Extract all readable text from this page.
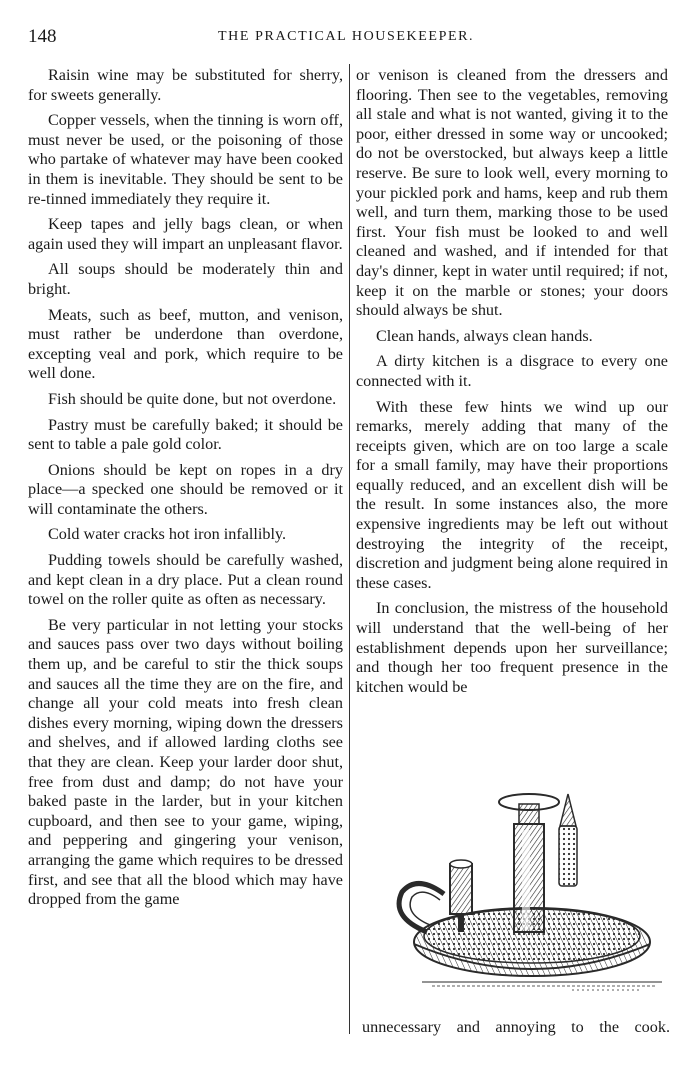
148	THE PRACTICAL HOUSEKEEPER.

Raisin wine may be substituted for sherry, for sweets generally.

Copper vessels, when the tinning is worn off, must never be used, or the poisoning of those who partake of whatever may have been cooked in them is inevitable. They should be sent to be re-tinned immediately they require it.

Keep tapes and jelly bags clean, or when again used they will impart an unpleasant flavor.

All soups should be moderately thin and bright.

Meats, such as beef, mutton, and venison, must rather be underdone than overdone, excepting veal and pork, which require to be well done.

Fish should be quite done, but not overdone.

Pastry must be carefully baked; it should be sent to table a pale gold color.

Onions should be kept on ropes in a dry place—a specked one should be removed or it will contaminate the others.

Cold water cracks hot iron infallibly.

Pudding towels should be carefully washed, and kept clean in a dry place. Put a clean round towel on the roller quite as often as necessary.

Be very particular in not letting your stocks and sauces pass over two days without boiling them up, and be careful to stir the thick soups and sauces all the time they are on the fire, and change all your cold meats into fresh clean dishes every morning, wiping down the dressers and shelves, and if allowed larding cloths see that they are clean. Keep your larder door shut, free from dust and damp; do not have your baked paste in the larder, but in your kitchen cupboard, and then see to your game, wiping, and peppering and gingering your venison, arranging the game which requires to be dressed first, and see that all the blood which may have dropped from the game

or venison is cleaned from the dressers and flooring. Then see to the vegetables, removing all stale and what is not wanted, giving it to the poor, either dressed in some way or uncooked; do not be overstocked, but always keep a little reserve. Be sure to look well, every morning to your pickled pork and hams, keep and rub them well, and turn them, marking those to be used first. Your fish must be looked to and well cleaned and washed, and if intended for that day's dinner, kept in water until required; if not, keep it on the marble or stones; your doors should always be shut.

Clean hands, always clean hands.

A dirty kitchen is a disgrace to every one connected with it.

With these few hints we wind up our remarks, merely adding that many of the receipts given, which are on too large a scale for a small family, may have their proportions equally reduced, and an excellent dish will be the result. In some instances also, the more expensive ingredients may be left out without destroying the integrity of the receipt, discretion and judgment being alone required in these cases.

In conclusion, the mistress of the household will understand that the well-being of her establishment depends upon her surveillance; and though her too frequent presence in the kitchen would be

unnecessary and annoying to the cook.
